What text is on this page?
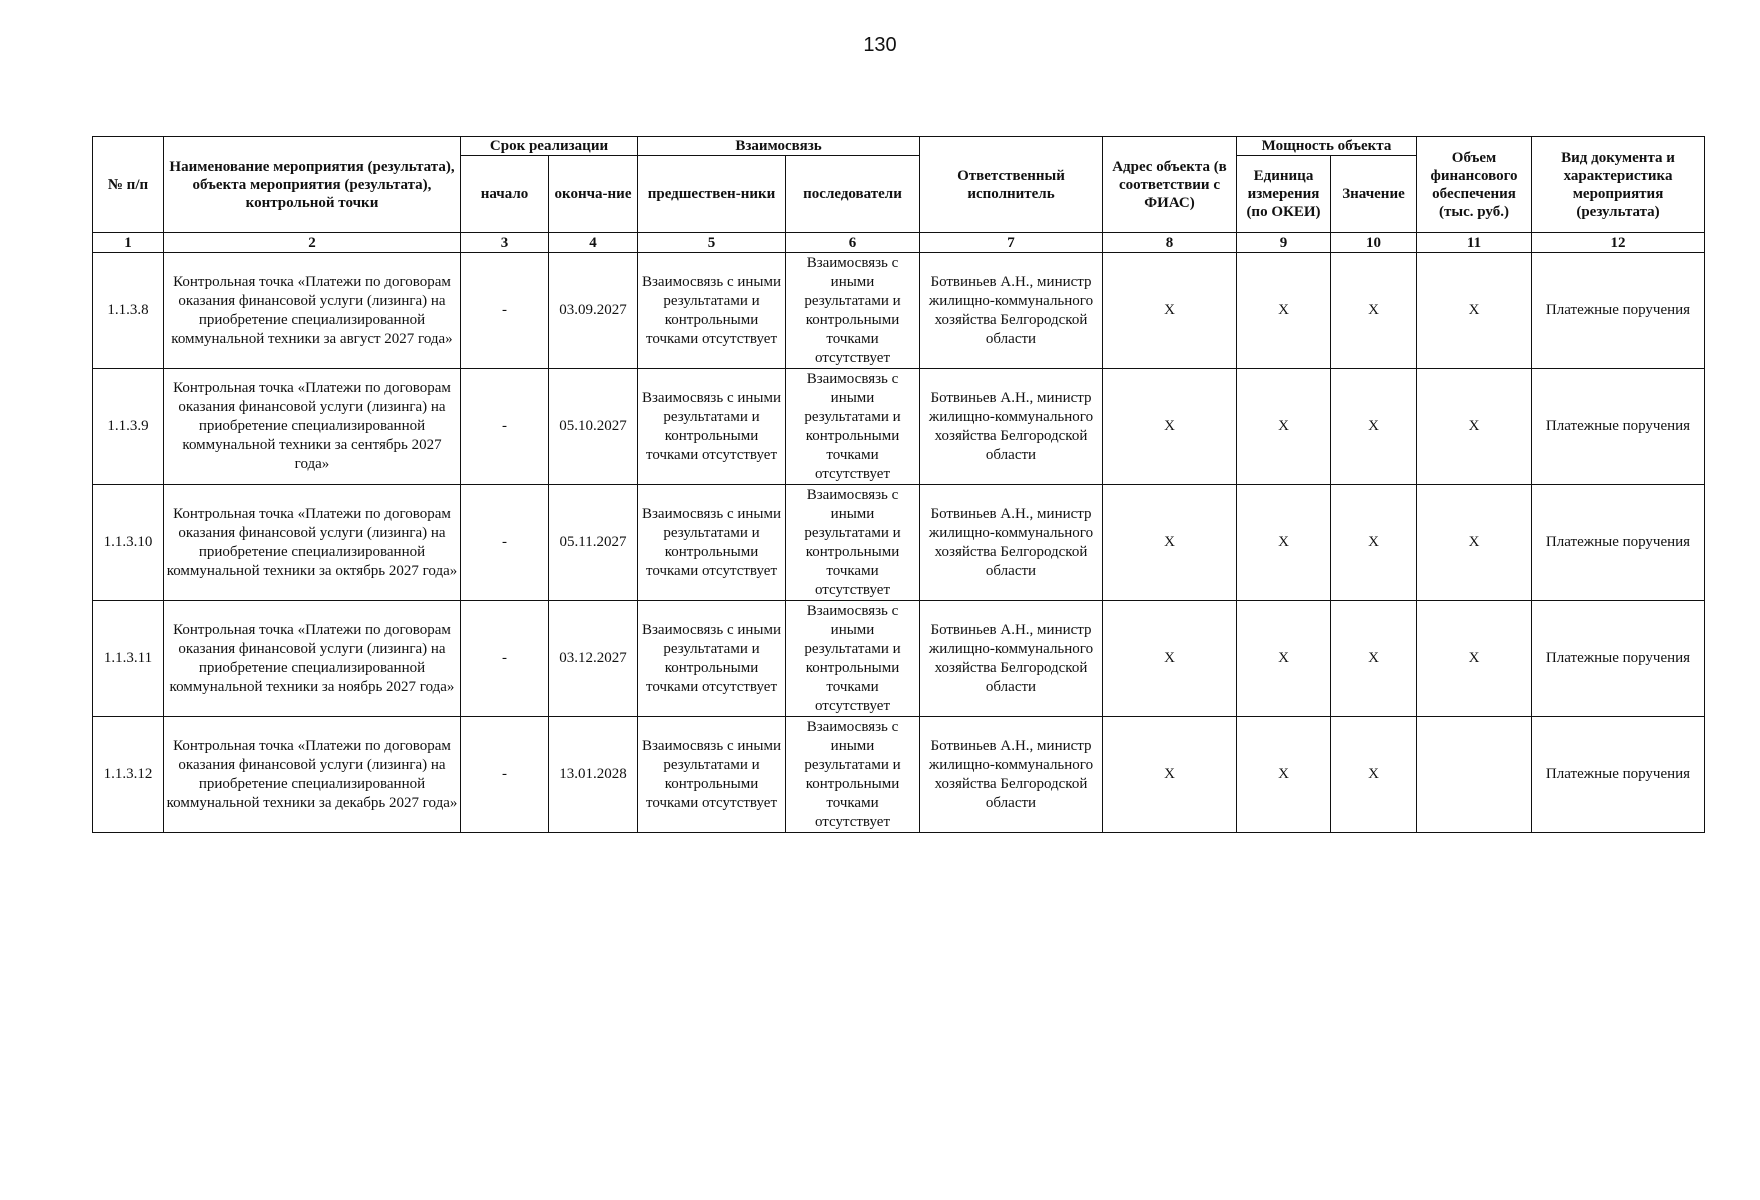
130
№ п/п	Наименование мероприятия (результата), объекта мероприятия (результата), контрольной точки	Срок реализации		Взаимосвязь		Ответственный исполнитель	Адрес объекта (в соответствии с ФИАС)	Мощность объекта		Объем финансового обеспечения (тыс. руб.)	Вид документа и характеристика мероприятия (результата)
		начало	оконча-ние	предшествен-ники	последователи			Единица измерения (по ОКЕИ)	Значение		
1	2	3	4	5	6	7	8	9	10	11	12
1.1.3.8	Контрольная точка «Платежи по договорам оказания финансовой услуги (лизинга) на приобретение специализированной коммунальной техники за август 2027 года»	-	03.09.2027	Взаимосвязь с иными результатами и контрольными точками отсутствует	Взаимосвязь с иными результатами и контрольными точками отсутствует	Ботвиньев А.Н., министр жилищно-коммунального хозяйства Белгородской области	Х	Х	Х	Х	Платежные поручения
1.1.3.9	Контрольная точка «Платежи по договорам оказания финансовой услуги (лизинга) на приобретение специализированной коммунальной техники за сентябрь 2027 года»	-	05.10.2027	Взаимосвязь с иными результатами и контрольными точками отсутствует	Взаимосвязь с иными результатами и контрольными точками отсутствует	Ботвиньев А.Н., министр жилищно-коммунального хозяйства Белгородской области	Х	Х	Х	Х	Платежные поручения
1.1.3.10	Контрольная точка «Платежи по договорам оказания финансовой услуги (лизинга) на приобретение специализированной коммунальной техники за октябрь 2027 года»	-	05.11.2027	Взаимосвязь с иными результатами и контрольными точками отсутствует	Взаимосвязь с иными результатами и контрольными точками отсутствует	Ботвиньев А.Н., министр жилищно-коммунального хозяйства Белгородской области	Х	Х	Х	Х	Платежные поручения
1.1.3.11	Контрольная точка «Платежи по договорам оказания финансовой услуги (лизинга) на приобретение специализированной коммунальной техники за ноябрь 2027 года»	-	03.12.2027	Взаимосвязь с иными результатами и контрольными точками отсутствует	Взаимосвязь с иными результатами и контрольными точками отсутствует	Ботвиньев А.Н., министр жилищно-коммунального хозяйства Белгородской области	Х	Х	Х	Х	Платежные поручения
1.1.3.12	Контрольная точка «Платежи по договорам оказания финансовой услуги (лизинга) на приобретение специализированной коммунальной техники за декабрь 2027 года»	-	13.01.2028	Взаимосвязь с иными результатами и контрольными точками отсутствует	Взаимосвязь с иными результатами и контрольными точками отсутствует	Ботвиньев А.Н., министр жилищно-коммунального хозяйства Белгородской области	Х	Х	Х		Платежные поручения
